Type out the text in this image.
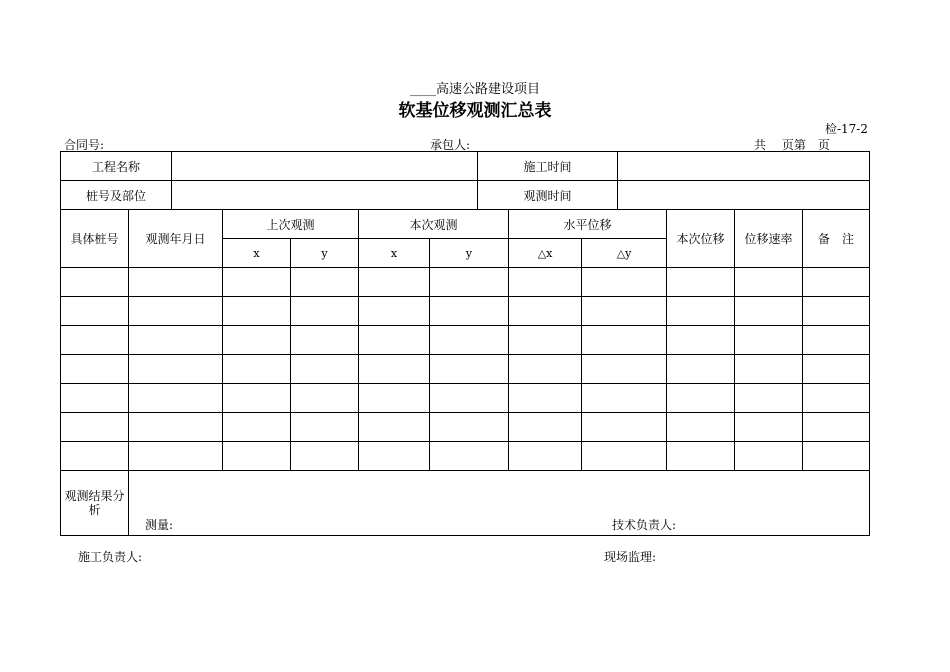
____高速公路建设项目
软基位移观测汇总表
检-17-2
合同号:	承包人:	共　 页第　页
工程名称		施工时间	
桩号及部位		观测时间	
具体桩号	观测年月日	上次观测		本次观测		水平位移		本次位移	位移速率	备　注
		x	y	x	y	△x	△y			

观测结果分析	测量: 技术负责人:									
施工负责人:	现场监理:
